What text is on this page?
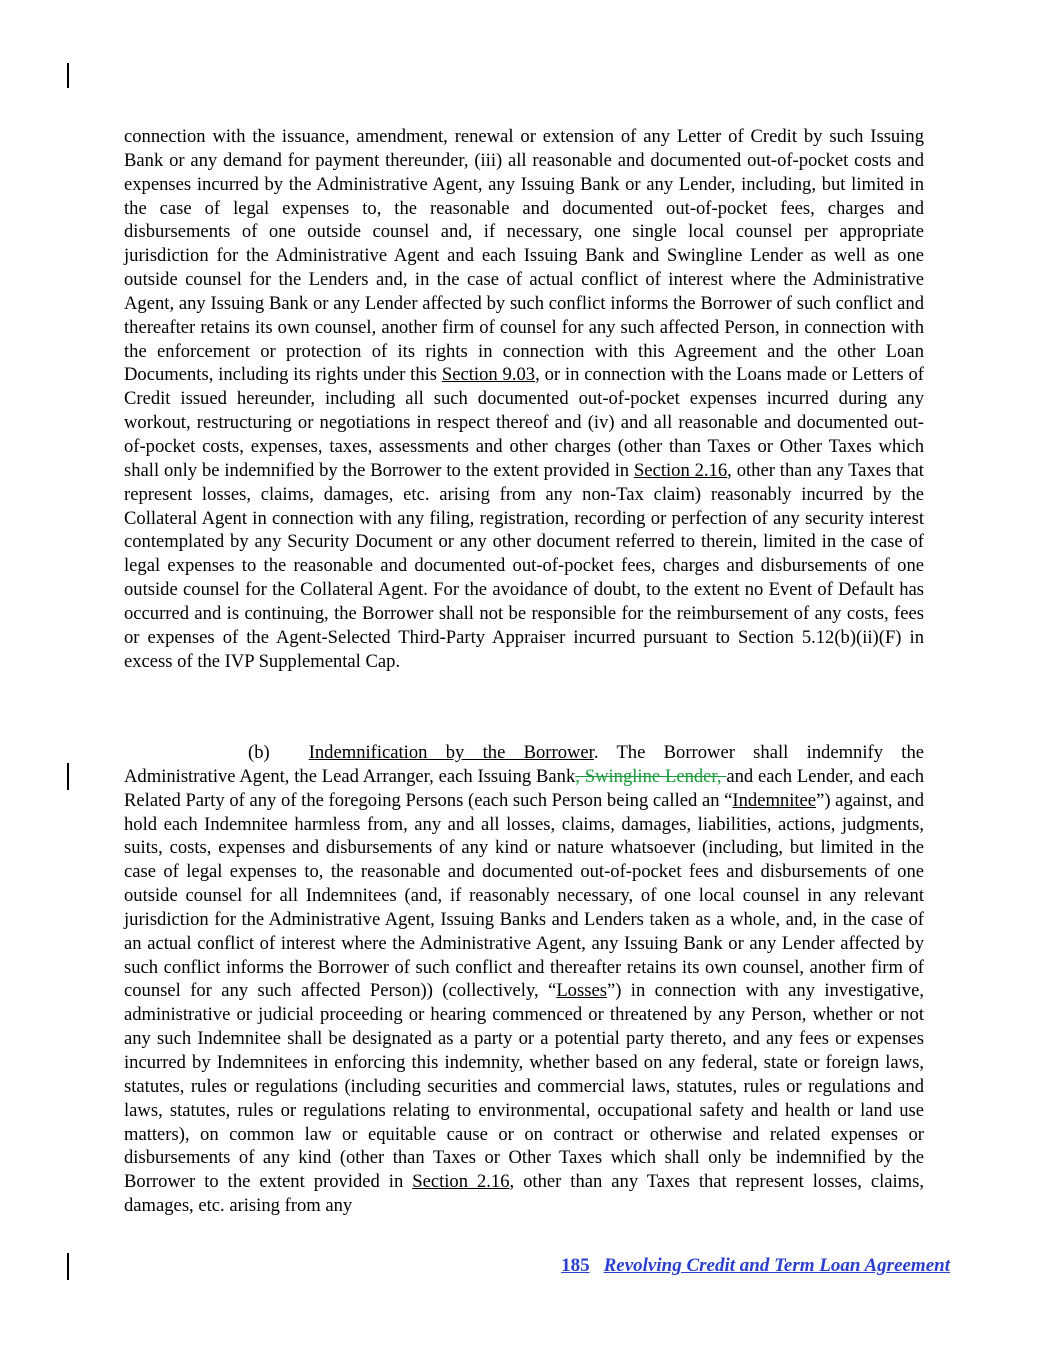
connection with the issuance, amendment, renewal or extension of any Letter of Credit by such Issuing Bank or any demand for payment thereunder, (iii) all reasonable and documented out-of-pocket costs and expenses incurred by the Administrative Agent, any Issuing Bank or any Lender, including, but limited in the case of legal expenses to, the reasonable and documented out-of-pocket fees, charges and disbursements of one outside counsel and, if necessary, one single local counsel per appropriate jurisdiction for the Administrative Agent and each Issuing Bank and Swingline Lender as well as one outside counsel for the Lenders and, in the case of actual conflict of interest where the Administrative Agent, any Issuing Bank or any Lender affected by such conflict informs the Borrower of such conflict and thereafter retains its own counsel, another firm of counsel for any such affected Person, in connection with the enforcement or protection of its rights in connection with this Agreement and the other Loan Documents, including its rights under this Section 9.03, or in connection with the Loans made or Letters of Credit issued hereunder, including all such documented out-of-pocket expenses incurred during any workout, restructuring or negotiations in respect thereof and (iv) and all reasonable and documented out-of-pocket costs, expenses, taxes, assessments and other charges (other than Taxes or Other Taxes which shall only be indemnified by the Borrower to the extent provided in Section 2.16, other than any Taxes that represent losses, claims, damages, etc. arising from any non-Tax claim) reasonably incurred by the Collateral Agent in connection with any filing, registration, recording or perfection of any security interest contemplated by any Security Document or any other document referred to therein, limited in the case of legal expenses to the reasonable and documented out-of-pocket fees, charges and disbursements of one outside counsel for the Collateral Agent. For the avoidance of doubt, to the extent no Event of Default has occurred and is continuing, the Borrower shall not be responsible for the reimbursement of any costs, fees or expenses of the Agent-Selected Third-Party Appraiser incurred pursuant to Section 5.12(b)(ii)(F) in excess of the IVP Supplemental Cap.

(b) Indemnification by the Borrower. The Borrower shall indemnify the Administrative Agent, the Lead Arranger, each Issuing Bank, Swingline Lender, and each Lender, and each Related Party of any of the foregoing Persons (each such Person being called an “Indemnitee”) against, and hold each Indemnitee harmless from, any and all losses, claims, damages, liabilities, actions, judgments, suits, costs, expenses and disbursements of any kind or nature whatsoever (including, but limited in the case of legal expenses to, the reasonable and documented out-of-pocket fees and disbursements of one outside counsel for all Indemnitees (and, if reasonably necessary, of one local counsel in any relevant jurisdiction for the Administrative Agent, Issuing Banks and Lenders taken as a whole, and, in the case of an actual conflict of interest where the Administrative Agent, any Issuing Bank or any Lender affected by such conflict informs the Borrower of such conflict and thereafter retains its own counsel, another firm of counsel for any such affected Person)) (collectively, “Losses”) in connection with any investigative, administrative or judicial proceeding or hearing commenced or threatened by any Person, whether or not any such Indemnitee shall be designated as a party or a potential party thereto, and any fees or expenses incurred by Indemnitees in enforcing this indemnity, whether based on any federal, state or foreign laws, statutes, rules or regulations (including securities and commercial laws, statutes, rules or regulations and laws, statutes, rules or regulations relating to environmental, occupational safety and health or land use matters), on common law or equitable cause or on contract or otherwise and related expenses or disbursements of any kind (other than Taxes or Other Taxes which shall only be indemnified by the Borrower to the extent provided in Section 2.16, other than any Taxes that represent losses, claims, damages, etc. arising from any

185 Revolving Credit and Term Loan Agreement
